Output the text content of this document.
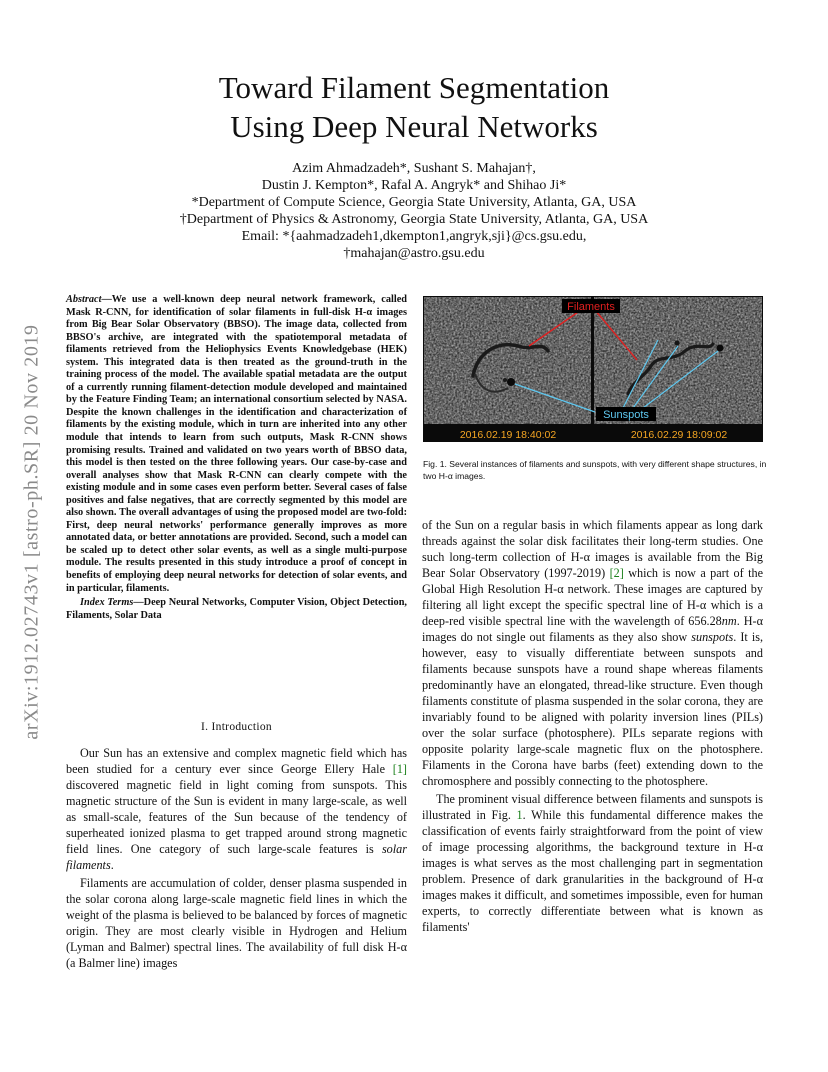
arXiv:1912.02743v1 [astro-ph.SR] 20 Nov 2019
Toward Filament Segmentation
Using Deep Neural Networks
Azim Ahmadzadeh*, Sushant S. Mahajan†,
Dustin J. Kempton*, Rafal A. Angryk* and Shihao Ji*
*Department of Compute Science, Georgia State University, Atlanta, GA, USA
†Department of Physics & Astronomy, Georgia State University, Atlanta, GA, USA
Email: *{aahmadzadeh1,dkempton1,angryk,sji}@cs.gsu.edu,
†mahajan@astro.gsu.edu

Abstract—We use a well-known deep neural network framework, called Mask R-CNN, for identification of solar filaments in full-disk H-α images from Big Bear Solar Observatory (BBSO). The image data, collected from BBSO's archive, are integrated with the spatiotemporal metadata of filaments retrieved from the Heliophysics Events Knowledgebase (HEK) system. This integrated data is then treated as the ground-truth in the training process of the model. The available spatial metadata are the output of a currently running filament-detection module developed and maintained by the Feature Finding Team; an international consortium selected by NASA. Despite the known challenges in the identification and characterization of filaments by the existing module, which in turn are inherited into any other module that intends to learn from such outputs, Mask R-CNN shows promising results. Trained and validated on two years worth of BBSO data, this model is then tested on the three following years. Our case-by-case and overall analyses show that Mask R-CNN can clearly compete with the existing module and in some cases even perform better. Several cases of false positives and false negatives, that are correctly segmented by this model are also shown. The overall advantages of using the proposed model are two-fold: First, deep neural networks' performance generally improves as more annotated data, or better annotations are provided. Second, such a model can be scaled up to detect other solar events, as well as a single multi-purpose module. The results presented in this study introduce a proof of concept in benefits of employing deep neural networks for detection of solar events, and in particular, filaments.

Index Terms—Deep Neural Networks, Computer Vision, Object Detection, Filaments, Solar Data

I. Introduction

Our Sun has an extensive and complex magnetic field which has been studied for a century ever since George Ellery Hale [1] discovered magnetic field in light coming from sunspots. This magnetic structure of the Sun is evident in many large-scale, as well as small-scale, features of the Sun because of the tendency of superheated ionized plasma to get trapped around strong magnetic field lines. One category of such large-scale features is solar filaments.

Filaments are accumulation of colder, denser plasma suspended in the solar corona along large-scale magnetic field lines in which the weight of the plasma is believed to be balanced by forces of magnetic origin. They are most clearly visible in Hydrogen and Helium (Lyman and Balmer) spectral lines. The availability of full disk H-α (a Balmer line) images

Filaments
Sunspots
2016.02.19 18:40:02	2016.02.29 18:09:02
Fig. 1. Several instances of filaments and sunspots, with very different shape structures, in two H-α images.

of the Sun on a regular basis in which filaments appear as long dark threads against the solar disk facilitates their long-term studies. One such long-term collection of H-α images is available from the Big Bear Solar Observatory (1997-2019) [2] which is now a part of the Global High Resolution H-α network. These images are captured by filtering all light except the specific spectral line of H-α which is a deep-red visible spectral line with the wavelength of 656.28nm. H-α images do not single out filaments as they also show sunspots. It is, however, easy to visually differentiate between sunspots and filaments because sunspots have a round shape whereas filaments predominantly have an elongated, thread-like structure. Even though filaments constitute of plasma suspended in the solar corona, they are invariably found to be aligned with polarity inversion lines (PILs) over the solar surface (photosphere). PILs separate regions with opposite polarity large-scale magnetic flux on the photosphere. Filaments in the Corona have barbs (feet) extending down to the chromosphere and possibly connecting to the photosphere.

The prominent visual difference between filaments and sunspots is illustrated in Fig. 1. While this fundamental difference makes the classification of events fairly straightforward from the point of view of image processing algorithms, the background texture in H-α images is what serves as the most challenging part in segmentation problem. Presence of dark granularities in the background of H-α images makes it difficult, and sometimes impossible, even for human experts, to correctly differentiate between what is known as filaments'
